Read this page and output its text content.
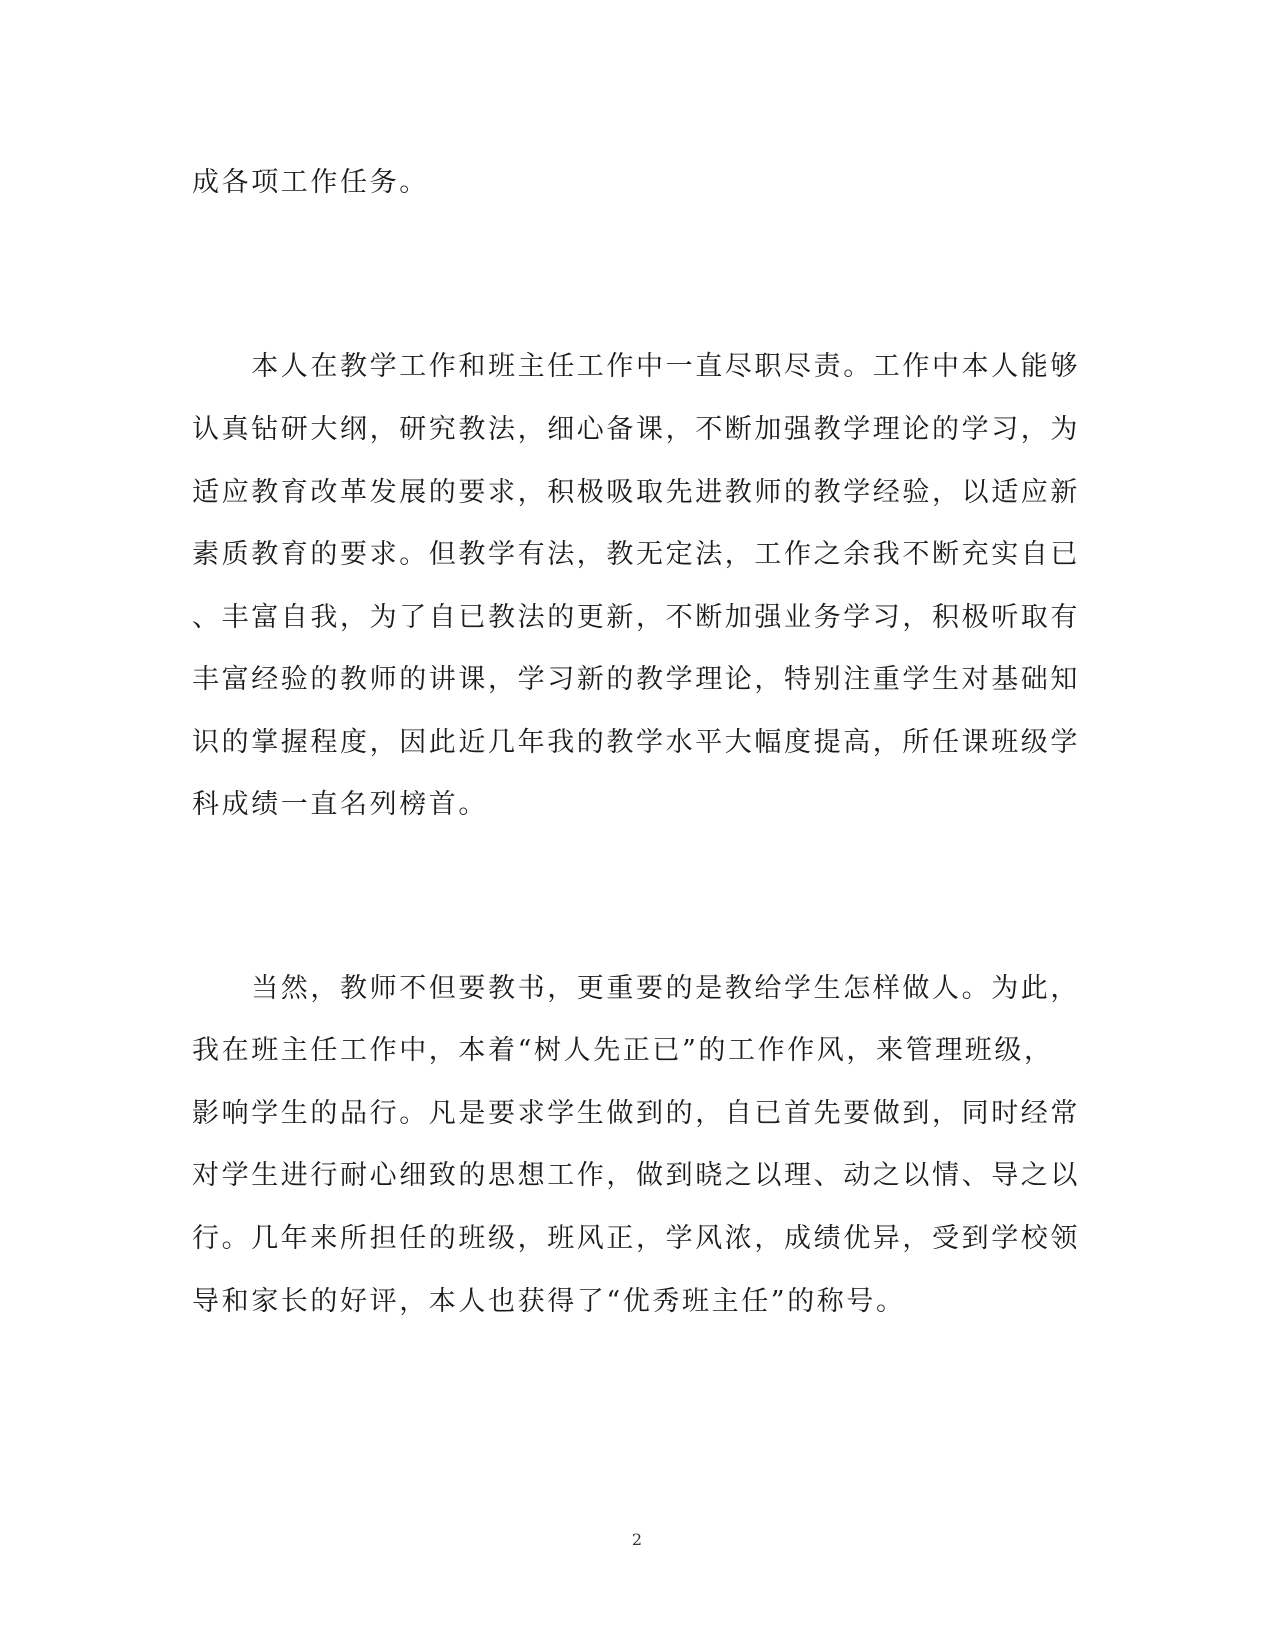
成各项工作任务。
　　本人在教学工作和班主任工作中一直尽职尽责。工作中本人能够
认真钻研大纲，研究教法，细心备课，不断加强教学理论的学习，为
适应教育改革发展的要求，积极吸取先进教师的教学经验，以适应新
素质教育的要求。但教学有法，教无定法，工作之余我不断充实自已
、丰富自我，为了自已教法的更新，不断加强业务学习，积极听取有
丰富经验的教师的讲课，学习新的教学理论，特别注重学生对基础知
识的掌握程度，因此近几年我的教学水平大幅度提高，所任课班级学
科成绩一直名列榜首。
　　当然，教师不但要教书，更重要的是教给学生怎样做人。为此，
我在班主任工作中，本着“树人先正已”的工作作风，来管理班级，
影响学生的品行。凡是要求学生做到的，自已首先要做到，同时经常
对学生进行耐心细致的思想工作，做到晓之以理、动之以情、导之以
行。几年来所担任的班级，班风正，学风浓，成绩优异，受到学校领
导和家长的好评，本人也获得了“优秀班主任”的称号。
2
